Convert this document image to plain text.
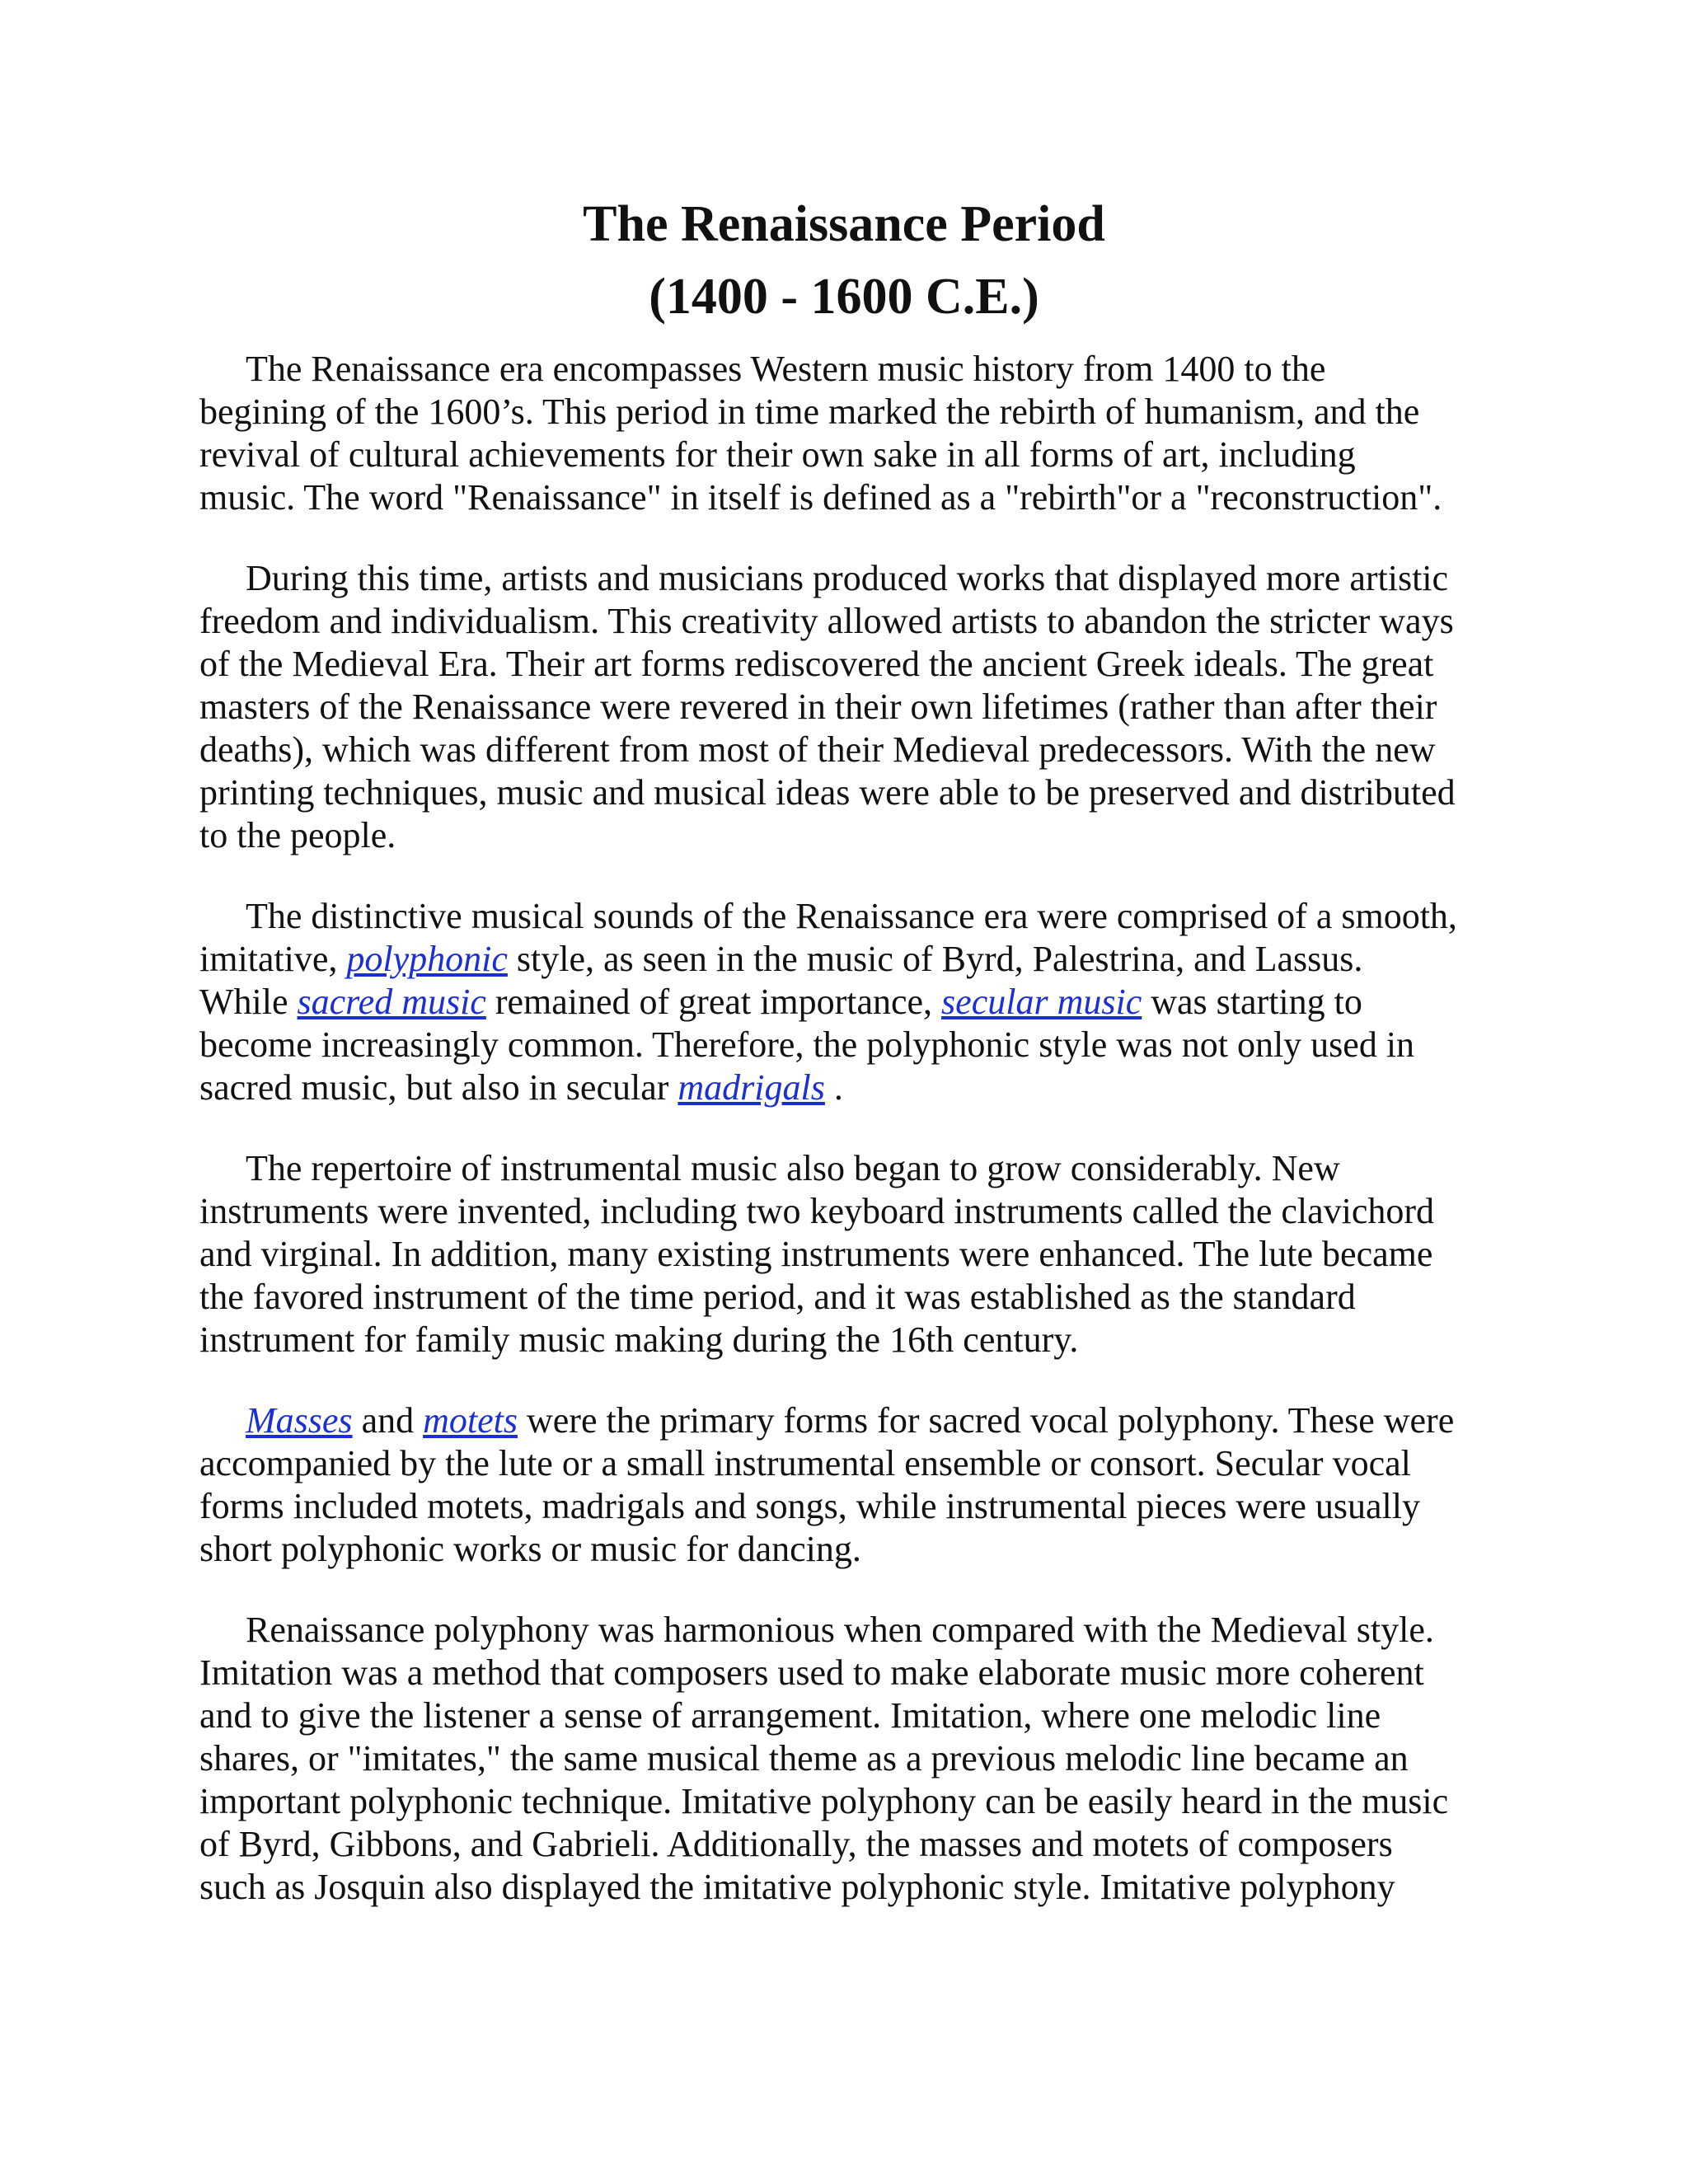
The Renaissance Period
(1400 - 1600 C.E.)

The Renaissance era encompasses Western music history from 1400 to the
begining of the 1600’s. This period in time marked the rebirth of humanism, and the
revival of cultural achievements for their own sake in all forms of art, including
music. The word "Renaissance" in itself is defined as a "rebirth"or a "reconstruction".

During this time, artists and musicians produced works that displayed more artistic
freedom and individualism. This creativity allowed artists to abandon the stricter ways
of the Medieval Era. Their art forms rediscovered the ancient Greek ideals. The great
masters of the Renaissance were revered in their own lifetimes (rather than after their
deaths), which was different from most of their Medieval predecessors. With the new
printing techniques, music and musical ideas were able to be preserved and distributed
to the people.

The distinctive musical sounds of the Renaissance era were comprised of a smooth,
imitative, polyphonic style, as seen in the music of Byrd, Palestrina, and Lassus.
While sacred music remained of great importance, secular music was starting to
become increasingly common. Therefore, the polyphonic style was not only used in
sacred music, but also in secular madrigals .

The repertoire of instrumental music also began to grow considerably. New
instruments were invented, including two keyboard instruments called the clavichord
and virginal. In addition, many existing instruments were enhanced. The lute became
the favored instrument of the time period, and it was established as the standard
instrument for family music making during the 16th century.

Masses and motets were the primary forms for sacred vocal polyphony. These were
accompanied by the lute or a small instrumental ensemble or consort. Secular vocal
forms included motets, madrigals and songs, while instrumental pieces were usually
short polyphonic works or music for dancing.

Renaissance polyphony was harmonious when compared with the Medieval style.
Imitation was a method that composers used to make elaborate music more coherent
and to give the listener a sense of arrangement. Imitation, where one melodic line
shares, or "imitates," the same musical theme as a previous melodic line became an
important polyphonic technique. Imitative polyphony can be easily heard in the music
of Byrd, Gibbons, and Gabrieli. Additionally, the masses and motets of composers
such as Josquin also displayed the imitative polyphonic style. Imitative polyphony
